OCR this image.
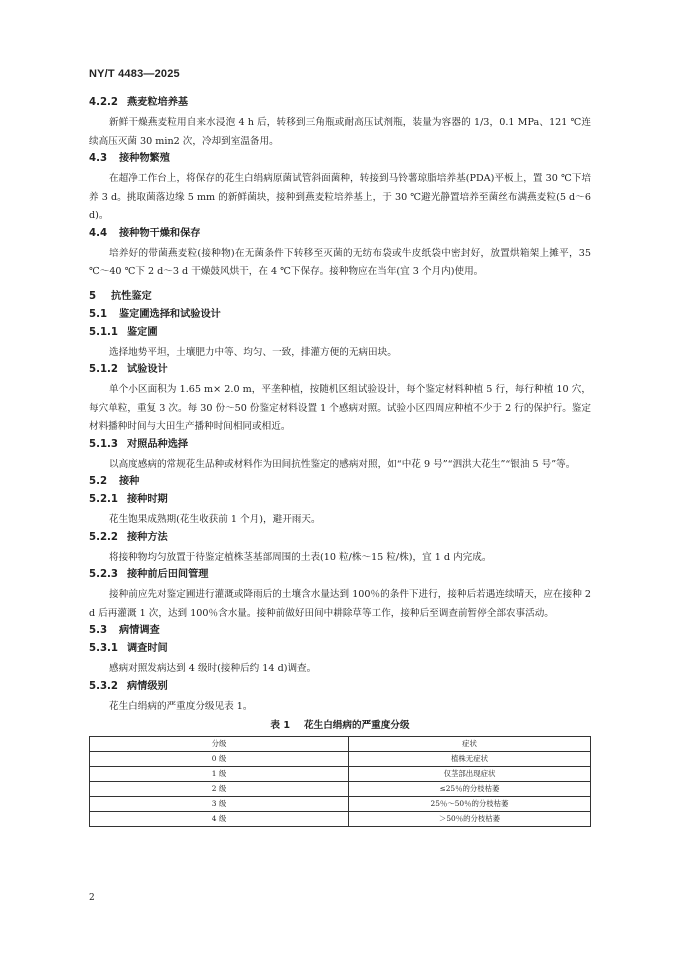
NY/T 4483—2025
4.2.2 燕麦粒培养基

新鲜干燥燕麦粒用自来水浸泡 4 h 后，转移到三角瓶或耐高压试剂瓶，装量为容器的 1/3，0.1 MPa、121 ℃连续高压灭菌 30 min2 次，冷却到室温备用。

4.3 接种物繁殖

在超净工作台上，将保存的花生白绢病原菌试管斜面菌种，转接到马铃薯琼脂培养基(PDA)平板上，置 30 ℃下培养 3 d。挑取菌落边缘 5 mm 的新鲜菌块，接种到燕麦粒培养基上，于 30 ℃避光静置培养至菌丝布满燕麦粒(5 d～6 d)。

4.4 接种物干燥和保存

培养好的带菌燕麦粒(接种物)在无菌条件下转移至灭菌的无纺布袋或牛皮纸袋中密封好，放置烘箱架上摊平，35 ℃～40 ℃下 2 d～3 d 干燥鼓风烘干，在 4 ℃下保存。接种物应在当年(宜 3 个月内)使用。

5 抗性鉴定
5.1 鉴定圃选择和试验设计
5.1.1 鉴定圃

选择地势平坦，土壤肥力中等、均匀、一致，排灌方便的无病田块。

5.1.2 试验设计

单个小区面积为 1.65 m× 2.0 m，平垄种植，按随机区组试验设计，每个鉴定材料种植 5 行，每行种植 10 穴，每穴单粒，重复 3 次。每 30 份～50 份鉴定材料设置 1 个感病对照。试验小区四周应种植不少于 2 行的保护行。鉴定材料播种时间与大田生产播种时间相同或相近。

5.1.3 对照品种选择

以高度感病的常规花生品种或材料作为田间抗性鉴定的感病对照，如“中花 9 号”“泗洪大花生”“银油 5 号”等。

5.2 接种
5.2.1 接种时期

花生饱果成熟期(花生收获前 1 个月)，避开雨天。

5.2.2 接种方法

将接种物均匀放置于待鉴定植株茎基部周围的土表(10 粒/株～15 粒/株)，宜 1 d 内完成。

5.2.3 接种前后田间管理

接种前应先对鉴定圃进行灌溉或降雨后的土壤含水量达到 100％的条件下进行，接种后若遇连续晴天，应在接种 2 d 后再灌溉 1 次，达到 100％含水量。接种前做好田间中耕除草等工作，接种后至调查前暂停全部农事活动。

5.3 病情调查
5.3.1 调查时间

感病对照发病达到 4 级时(接种后约 14 d)调查。

5.3.2 病情级别

花生白绢病的严重度分级见表 1。

表 1 花生白绢病的严重度分级
分级	症状
0 级	植株无症状
1 级	仅茎部出现症状
2 级	≤25％的分枝枯萎
3 级	25％～50％的分枝枯萎
4 级	＞50％的分枝枯萎
2
